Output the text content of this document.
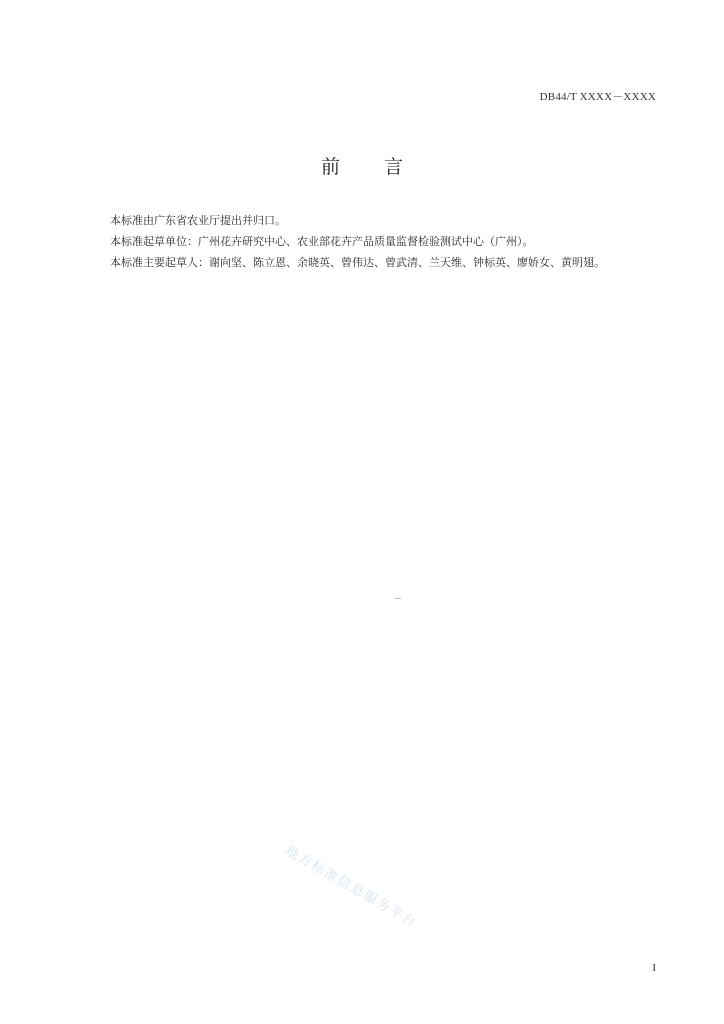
DB44/T XXXX－XXXX
前 言

本标准由广东省农业厅提出并归口。

本标准起草单位：广州花卉研究中心、农业部花卉产品质量监督检验测试中心（广州）。

本标准主要起草人：谢向坚、陈立恩、余晓英、曾伟达、曾武清、兰天维、钟标英、廖娇女、黄明翅。

地方标准信息服务平台
I
